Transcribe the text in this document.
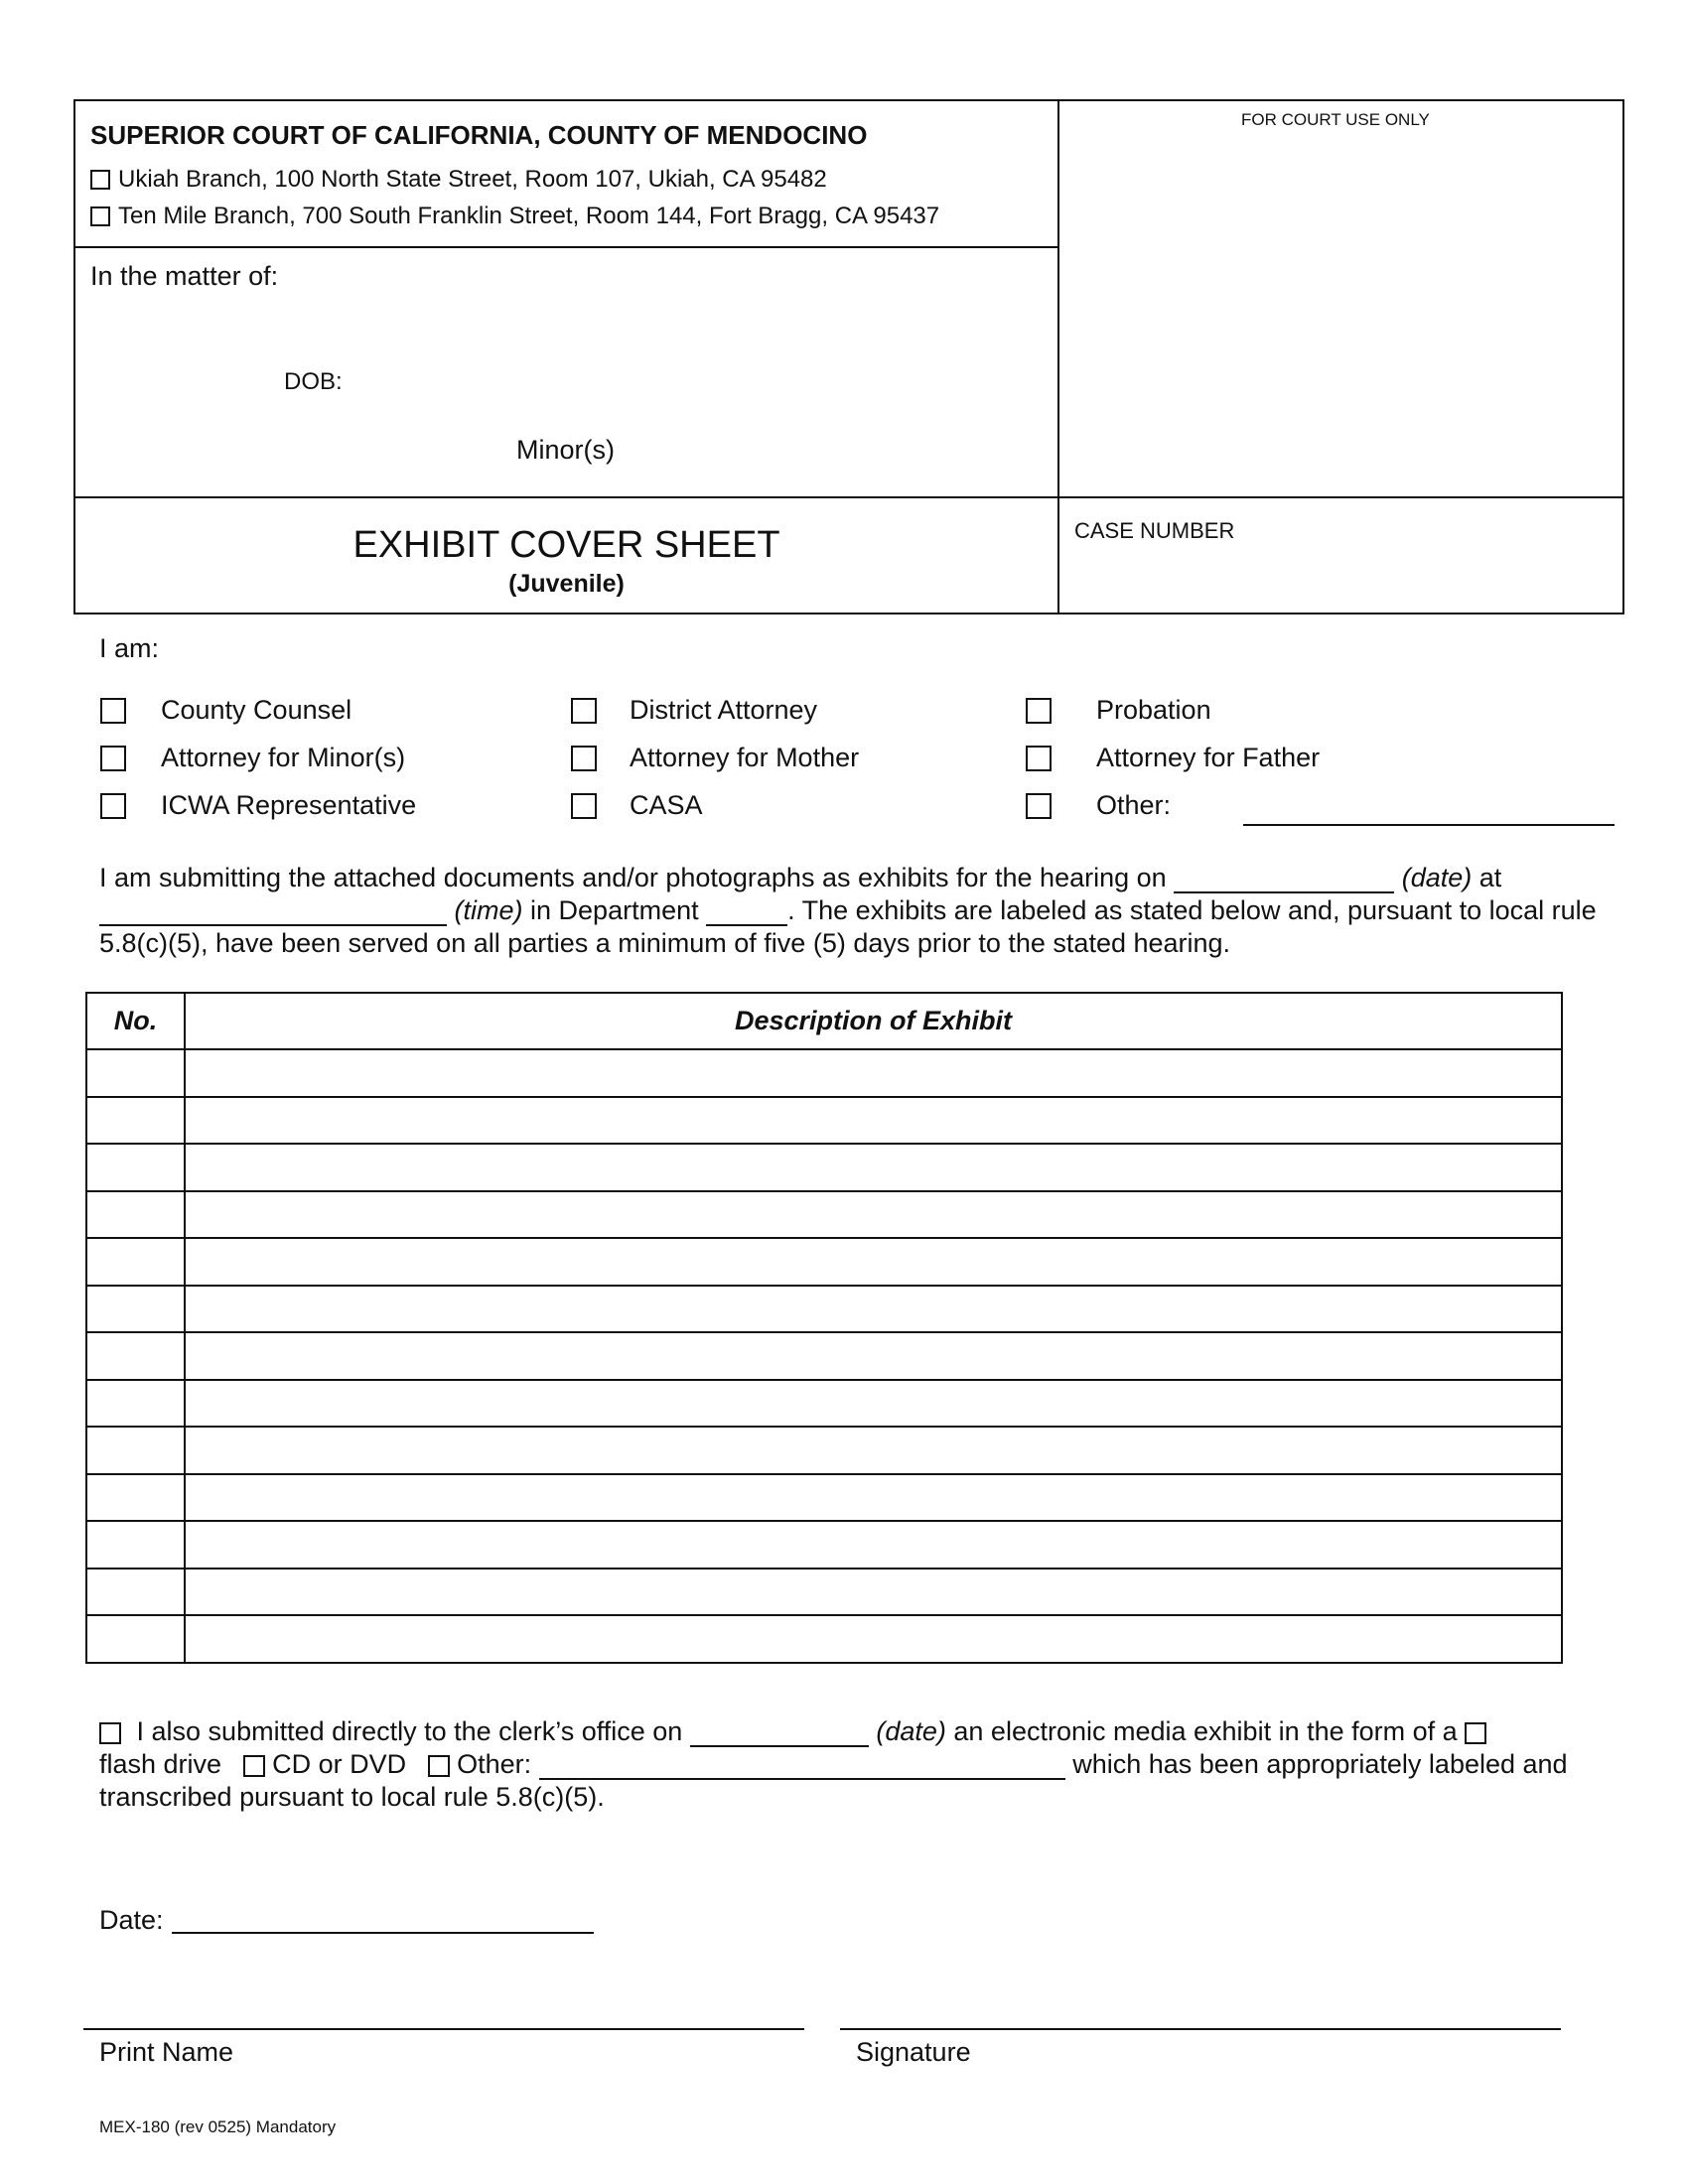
SUPERIOR COURT OF CALIFORNIA, COUNTY OF MENDOCINO
Ukiah Branch, 100 North State Street, Room 107, Ukiah, CA 95482
Ten Mile Branch, 700 South Franklin Street, Room 144, Fort Bragg, CA 95437
FOR COURT USE ONLY
In the matter of:
DOB:
Minor(s)
EXHIBIT COVER SHEET
(Juvenile)
CASE NUMBER
I am:
County Counsel	District Attorney	Probation
Attorney for Minor(s)	Attorney for Mother	Attorney for Father
ICWA Representative	CASA	Other:
I am submitting the attached documents and/or photographs as exhibits for the hearing on	(date) at
(time) in Department	. The exhibits are labeled as stated below and, pursuant to local rule 5.8(c)(5), have been served on all parties a minimum of five (5) days prior to the stated hearing.
No.	Description of Exhibit

I also submitted directly to the clerk’s office on	(date) an electronic media exhibit in the form of a
flash drive CD or DVD Other:	which has been appropriately labeled and transcribed pursuant to local rule 5.8(c)(5).
Date:
Print Name	Signature
MEX-180 (rev 0525) Mandatory
